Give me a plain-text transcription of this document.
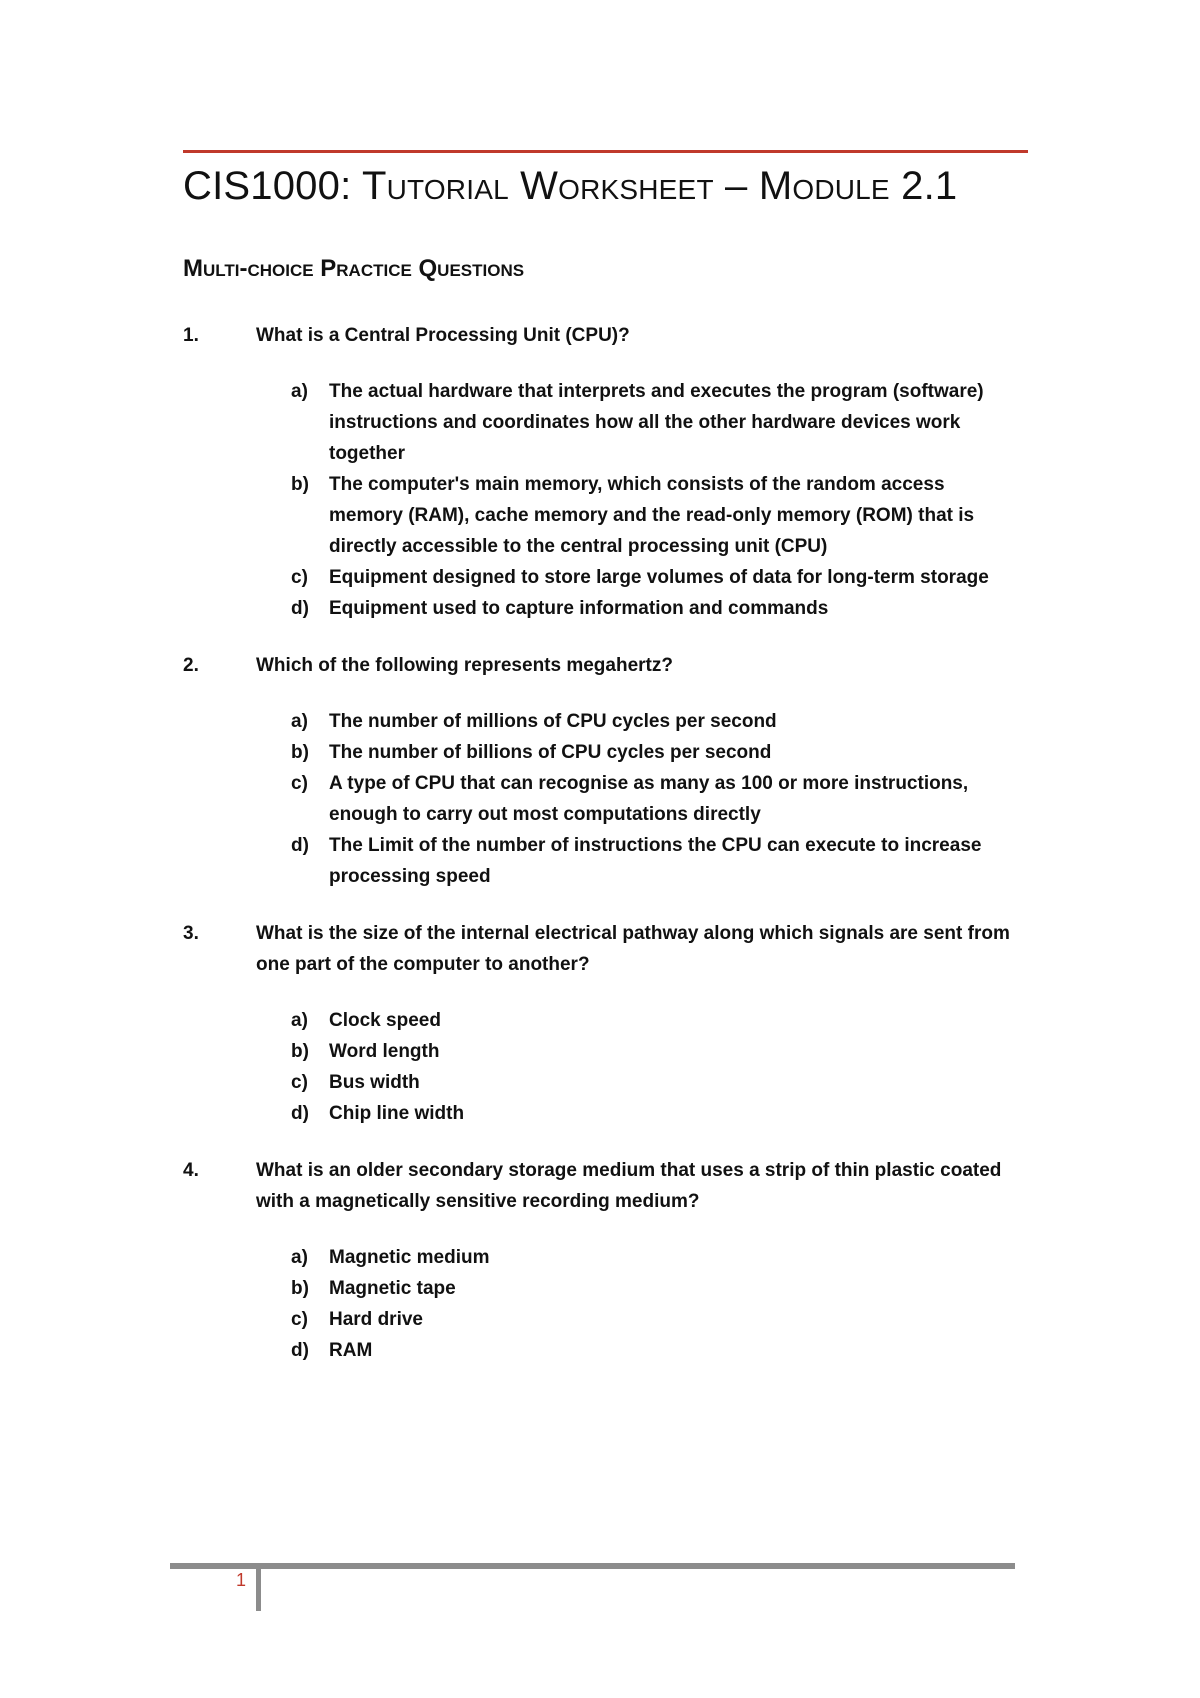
CIS1000: Tutorial Worksheet – Module 2.1
Multi-choice Practice Questions
1.	What is a Central Processing Unit (CPU)?
a)	The actual hardware that interprets and executes the program (software) instructions and coordinates how all the other hardware devices work together
b)	The computer's main memory, which consists of the random access memory (RAM), cache memory and the read-only memory (ROM) that is directly accessible to the central processing unit (CPU)
c)	Equipment designed to store large volumes of data for long-term storage
d)	Equipment used to capture information and commands
2.	Which of the following represents megahertz?
a)	The number of millions of CPU cycles per second
b)	The number of billions of CPU cycles per second
c)	A type of CPU that can recognise as many as 100 or more instructions, enough to carry out most computations directly
d)	The Limit of the number of instructions the CPU can execute to increase processing speed
3.	What is the size of the internal electrical pathway along which signals are sent from one part of the computer to another?
a)	Clock speed
b)	Word length
c)	Bus width
d)	Chip line width
4.	What is an older secondary storage medium that uses a strip of thin plastic coated with a magnetically sensitive recording medium?
a)	Magnetic medium
b)	Magnetic tape
c)	Hard drive
d)	RAM
1
